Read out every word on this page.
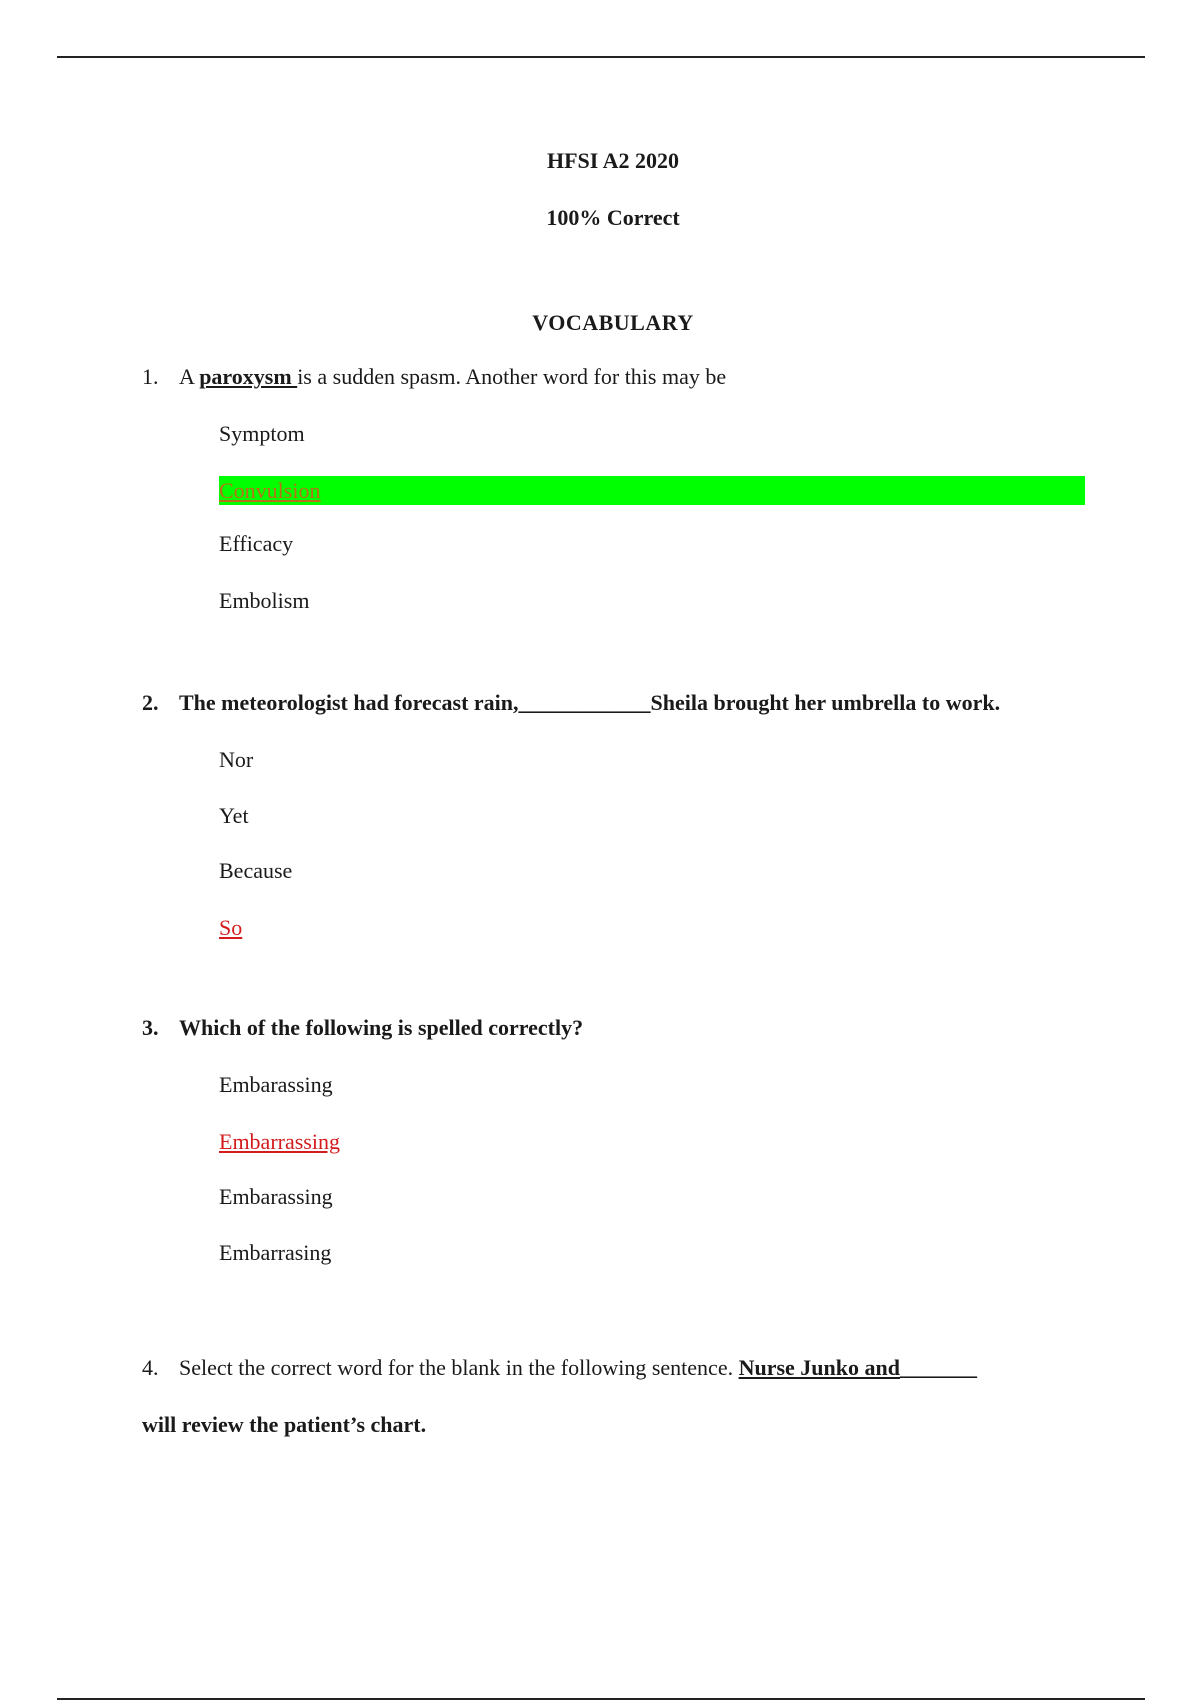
HFSI A2 2020
100% Correct
VOCABULARY
1. A paroxysm is a sudden spasm. Another word for this may be
Symptom
Convulsion
Efficacy
Embolism
2. The meteorologist had forecast rain,____________Sheila brought her umbrella to work.
Nor
Yet
Because
So
3. Which of the following is spelled correctly?
Embarassing
Embarrassing
Embarassing
Embarrasing
4. Select the correct word for the blank in the following sentence. Nurse Junko and_______
will review the patient’s chart.
